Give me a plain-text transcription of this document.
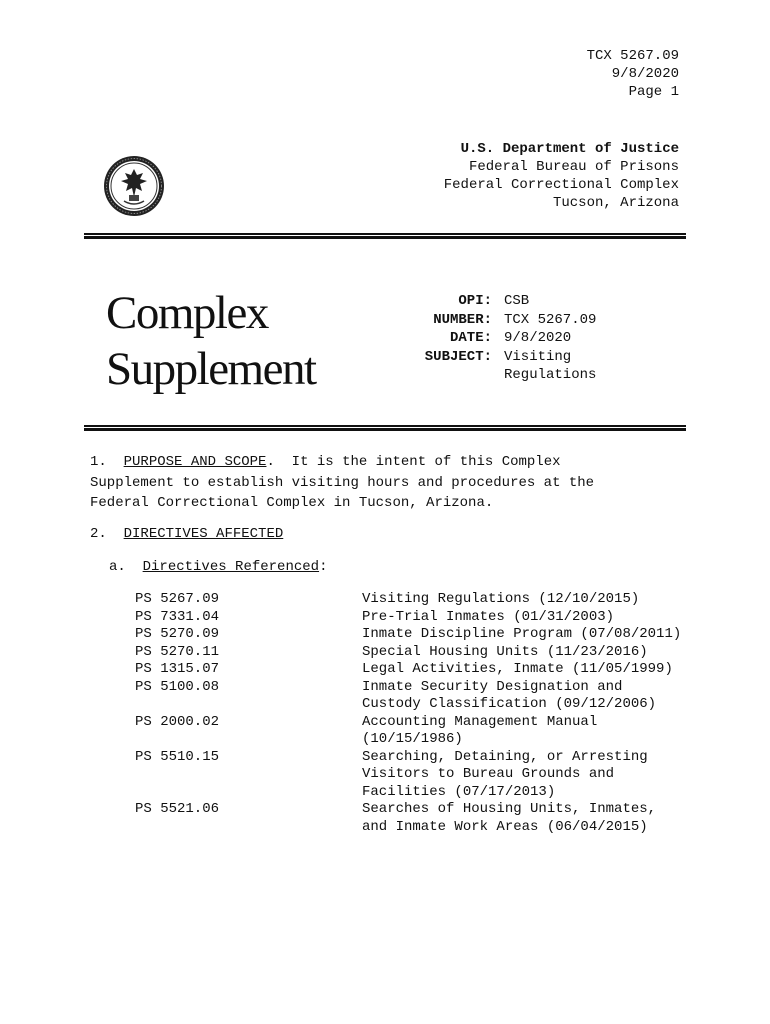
TCX 5267.09
9/8/2020
Page 1
U.S. Department of Justice
Federal Bureau of Prisons
Federal Correctional Complex
Tucson, Arizona
Complex
Supplement
OPI: CSB
NUMBER: TCX 5267.09
DATE: 9/8/2020
SUBJECT: Visiting
Regulations
1. PURPOSE AND SCOPE.  It is the intent of this Complex
Supplement to establish visiting hours and procedures at the
Federal Correctional Complex in Tucson, Arizona.
2. DIRECTIVES AFFECTED
a. Directives Referenced:
PS 5267.09	Visiting Regulations (12/10/2015)
PS 7331.04	Pre-Trial Inmates (01/31/2003)
PS 5270.09	Inmate Discipline Program (07/08/2011)
PS 5270.11	Special Housing Units (11/23/2016)
PS 1315.07	Legal Activities, Inmate (11/05/1999)
PS 5100.08	Inmate Security Designation and Custody Classification (09/12/2006)
PS 2000.02	Accounting Management Manual (10/15/1986)
PS 5510.15	Searching, Detaining, or Arresting Visitors to Bureau Grounds and Facilities (07/17/2013)
PS 5521.06	Searches of Housing Units, Inmates, and Inmate Work Areas (06/04/2015)
